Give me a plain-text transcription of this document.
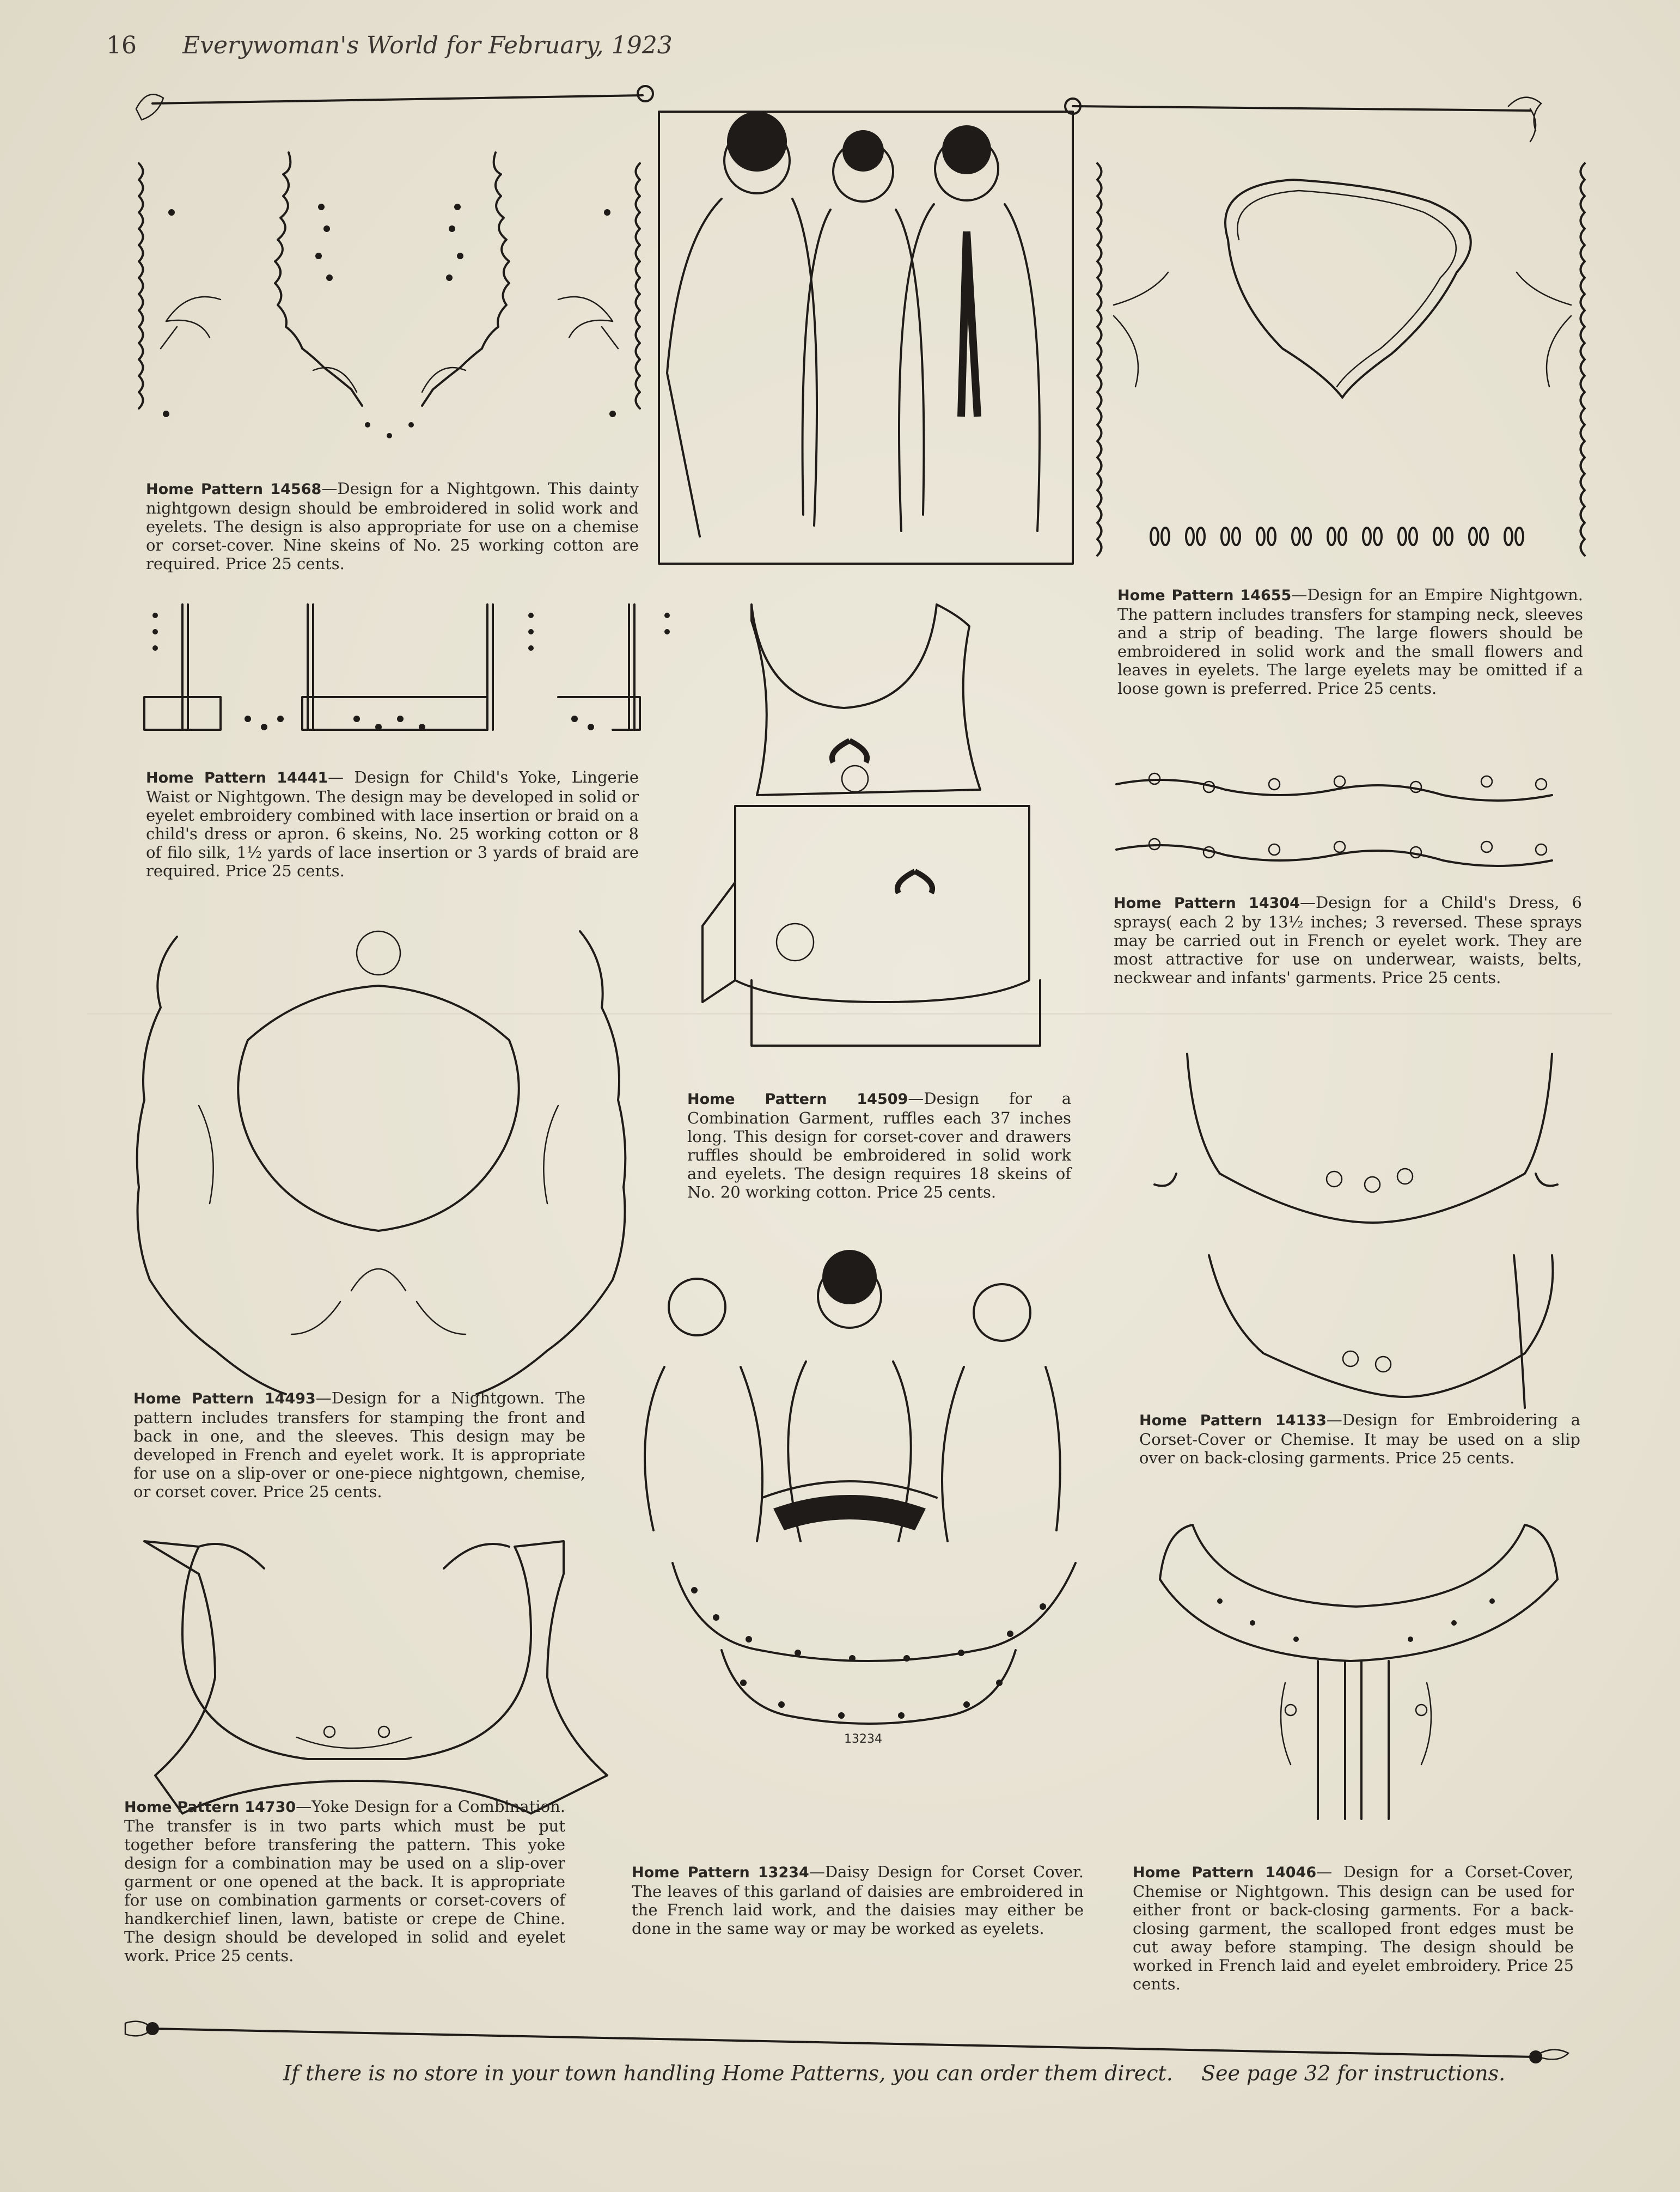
16 Everywoman's World for February, 1923
13234
Home Pattern 14568—Design for a Nightgown. This dainty nightgown design should be embroidered in solid work and eyelets. The design is also appropriate for use on a chemise or corset-cover. Nine skeins of No. 25 working cotton are required. Price 25 cents.
Home Pattern 14655—Design for an Empire Nightgown. The pattern includes transfers for stamping neck, sleeves and a strip of beading. The large flowers should be embroidered in solid work and the small flowers and leaves in eyelets. The large eyelets may be omitted if a loose gown is preferred. Price 25 cents.
Home Pattern 14441— Design for Child's Yoke, Lingerie Waist or Nightgown. The design may be developed in solid or eyelet embroidery combined with lace insertion or braid on a child's dress or apron. 6 skeins, No. 25 working cotton or 8 of filo silk, 1½ yards of lace insertion or 3 yards of braid are required. Price 25 cents.
Home Pattern 14304—Design for a Child's Dress, 6 sprays( each 2 by 13½ inches; 3 reversed. These sprays may be carried out in French or eyelet work. They are most attractive for use on underwear, waists, belts, neckwear and infants' garments. Price 25 cents.
Home Pattern 14509—Design for a Combination Garment, ruffles each 37 inches long. This design for corset-cover and drawers ruffles should be embroidered in solid work and eyelets. The design requires 18 skeins of No. 20 working cotton. Price 25 cents.
Home Pattern 14493—Design for a Nightgown. The pattern includes transfers for stamping the front and back in one, and the sleeves. This design may be developed in French and eyelet work. It is appropriate for use on a slip-over or one-piece nightgown, chemise, or corset cover. Price 25 cents.
Home Pattern 14133—Design for Embroidering a Corset-Cover or Chemise. It may be used on a slip over on back-closing garments. Price 25 cents.
Home Pattern 14730—Yoke Design for a Combination. The transfer is in two parts which must be put together before transfering the pattern. This yoke design for a combination may be used on a slip-over garment or one opened at the back. It is appropriate for use on combination garments or corset-covers of handkerchief linen, lawn, batiste or crepe de Chine. The design should be developed in solid and eyelet work. Price 25 cents.
Home Pattern 13234—Daisy Design for Corset Cover. The leaves of this garland of daisies are embroidered in the French laid work, and the daisies may either be done in the same way or may be worked as eyelets.
Home Pattern 14046— Design for a Corset-Cover, Chemise or Nightgown. This design can be used for either front or back-closing garments. For a back-closing garment, the scalloped front edges must be cut away before stamping. The design should be worked in French laid and eyelet embroidery. Price 25 cents.
If there is no store in your town handling Home Patterns, you can order them direct. See page 32 for instructions.
